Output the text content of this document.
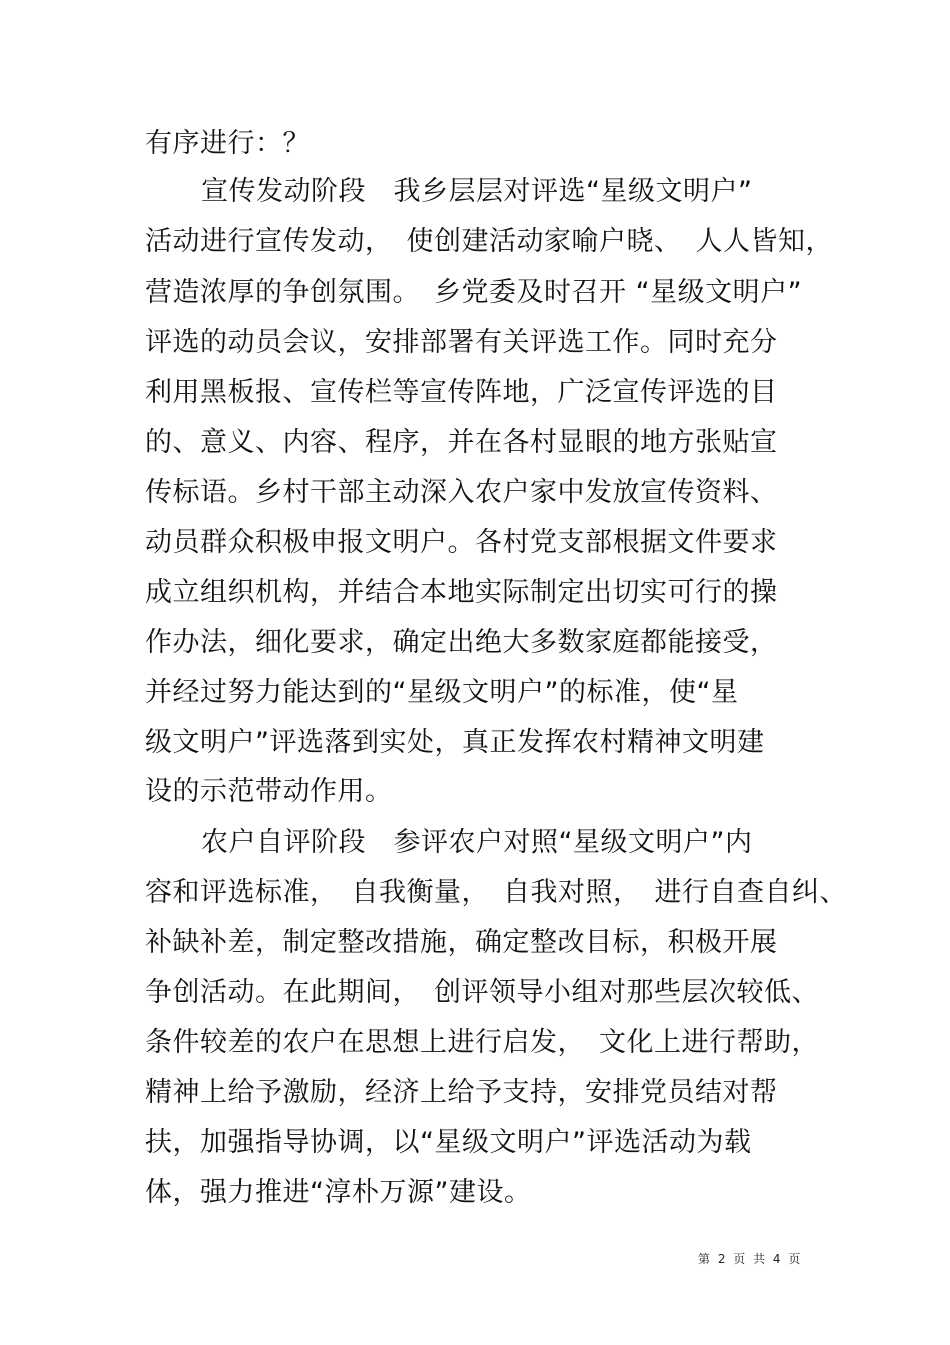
有序进行：？
宣传发动阶段　我乡层层对评选“星级文明户”
活动进行宣传发动，　使创建活动家喻户晓、　人人皆知，
营造浓厚的争创氛围。　乡党委及时召开 “星级文明户”
评选的动员会议，安排部署有关评选工作。同时充分
利用黑板报、宣传栏等宣传阵地，广泛宣传评选的目
的、意义、内容、程序，并在各村显眼的地方张贴宣
传标语。乡村干部主动深入农户家中发放宣传资料、
动员群众积极申报文明户。各村党支部根据文件要求
成立组织机构，并结合本地实际制定出切实可行的操
作办法，细化要求，确定出绝大多数家庭都能接受，
并经过努力能达到的“星级文明户”的标准，使“星
级文明户”评选落到实处，真正发挥农村精神文明建
设的示范带动作用。
农户自评阶段　参评农户对照“星级文明户”内
容和评选标准，　自我衡量，　自我对照，　进行自查自纠、
补缺补差，制定整改措施，确定整改目标，积极开展
争创活动。在此期间，　创评领导小组对那些层次较低、
条件较差的农户在思想上进行启发，　文化上进行帮助，
精神上给予激励，经济上给予支持，安排党员结对帮
扶，加强指导协调，以“星级文明户”评选活动为载
体，强力推进“淳朴万源”建设。
第 2 页 共 4 页
